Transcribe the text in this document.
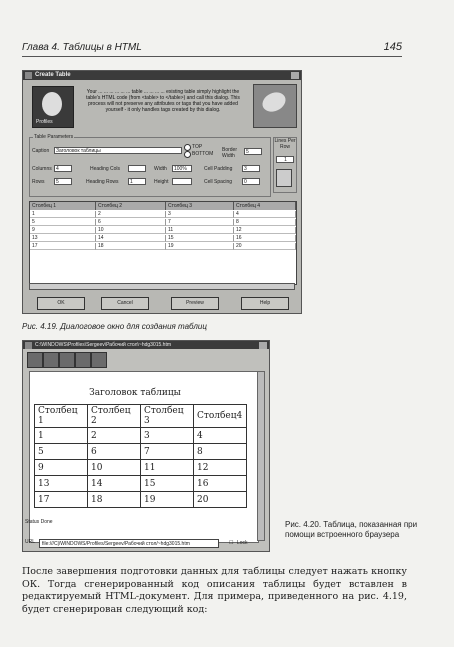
Глава 4. Таблицы в HTML	145
Create Table
Profiles
Your ... ... ... ... ... ... table ... ... ... ... existing table simply highlight the table's HTML code (from <table> to </table>) and call this dialog. This process will not preserve any attributes or tags that you have added yourself - it only handles tags created by this dialog.
Table Parameters
Caption	Заголовок таблицы
TOP
BOTTOM
Border Width
5
Columns 4	Heading Cols	Width	100%	Cell Padding	3
Rows	5	Heading Rows	1	Height	Cell Spacing	0
Lines Per Row
1
Столбец 1	Столбец 2	Столбец 3	Столбец 4
1	2	3	4
5	6	7	8
9	10	11	12
13	14	15	16
17	18	19	20
OK	Cancel	Preview	Help
Рис. 4.19. Диалоговое окно для создания таблиц
C:\WINDOWS\Profiles\Sergeev\Рабочий стол\~hdg3015.htm
Заголовок таблицы
Столбец 1	Столбец 2	Столбец 3	Столбец4
1	2	3	4
5	6	7	8
9	10	11	12
13	14	15	16
17	18	19	20
Status Done
URL	file:///C|/WINDOWS/Profiles/Sergeev/Рабочий стол/~hdg3015.htm	☐ Lock
Рис. 4.20. Таблица, показанная при помощи встроенного браузера
После завершения подготовки данных для таблицы следует нажать кнопку ОК. Тогда сгенерированный код описания таблицы будет вставлен в редактируемый HTML-документ. Для примера, приведенного на рис. 4.19, будет сгенерирован следующий код:
